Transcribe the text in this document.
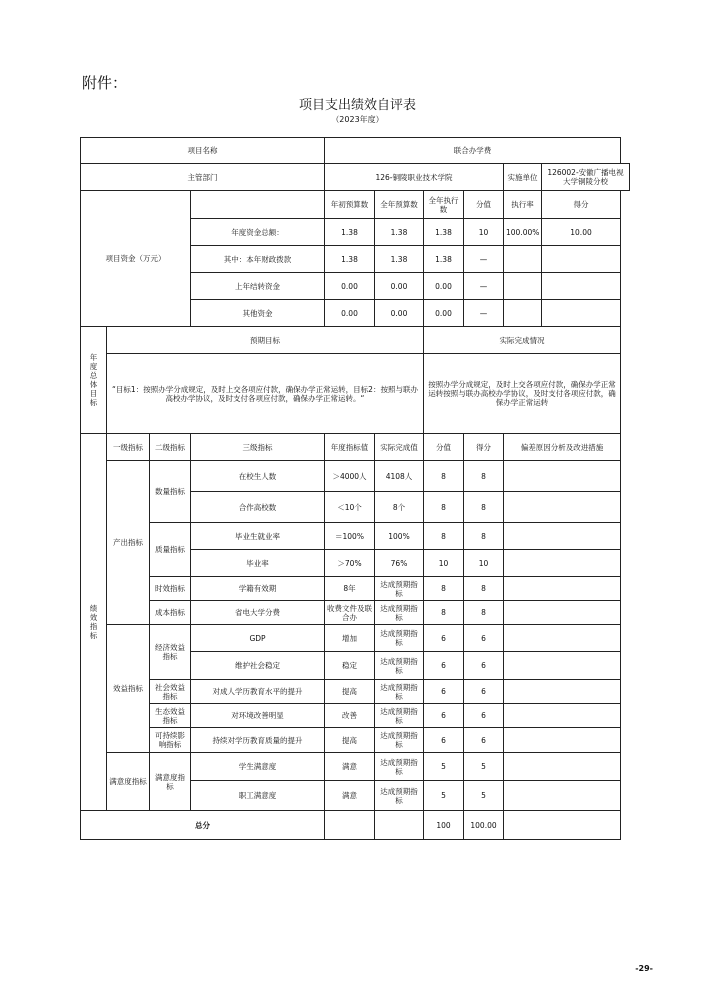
附件：
项目支出绩效自评表
（2023年度）
项目名称				联合办学费					
主管部门				126-铜陵职业技术学院				实施单位	126002-安徽广播电视大学铜陵分校
项目资金（万元）				年初预算数	全年预算数	全年执行数	分值	执行率	得分
			年度资金总额：	1.38	1.38	1.38	10	100.00%	10.00
			其中：本年财政拨款	1.38	1.38	1.38	—		
			上年结转资金	0.00	0.00	0.00	—		
			其他资金	0.00	0.00	0.00	—		
年度总体目标	预期目标					实际完成情况			
	“目标1：按照办学分成规定，及时上交各项应付款，确保办学正常运转，目标2：按照与联办高校办学协议，及时支付各项应付款，确保办学正常运转。“					按照办学分成规定，及时上交各项应付款，确保办学正常运转按照与联办高校办学协议，及时支付各项应付款，确保办学正常运转			
绩效指标	一级指标	二级指标	三级指标	年度指标值	实际完成值	分值	得分	偏差原因分析及改进措施	
	产出指标	数量指标	在校生人数	＞4000人	4108人	8	8		
			合作高校数	＜10个	8个	8	8		
		质量指标	毕业生就业率	＝100%	100%	8	8		
			毕业率	＞70%	76%	10	10		
		时效指标	学籍有效期	8年	达成预期指标	8	8		
		成本指标	省电大学分费	收费文件及联合办	达成预期指标	8	8		
	效益指标	经济效益指标	GDP	增加	达成预期指标	6	6		
			维护社会稳定	稳定	达成预期指标	6	6		
		社会效益指标	对成人学历教育水平的提升	提高	达成预期指标	6	6		
		生态效益指标	对环境改善明显	改善	达成预期指标	6	6		
		可持续影响指标	持续对学历教育质量的提升	提高	达成预期指标	6	6		
	满意度指标	满意度指标	学生满意度	满意	达成预期指标	5	5		
			职工满意度	满意	达成预期指标	5	5		
总分						100	100.00		
-29-
